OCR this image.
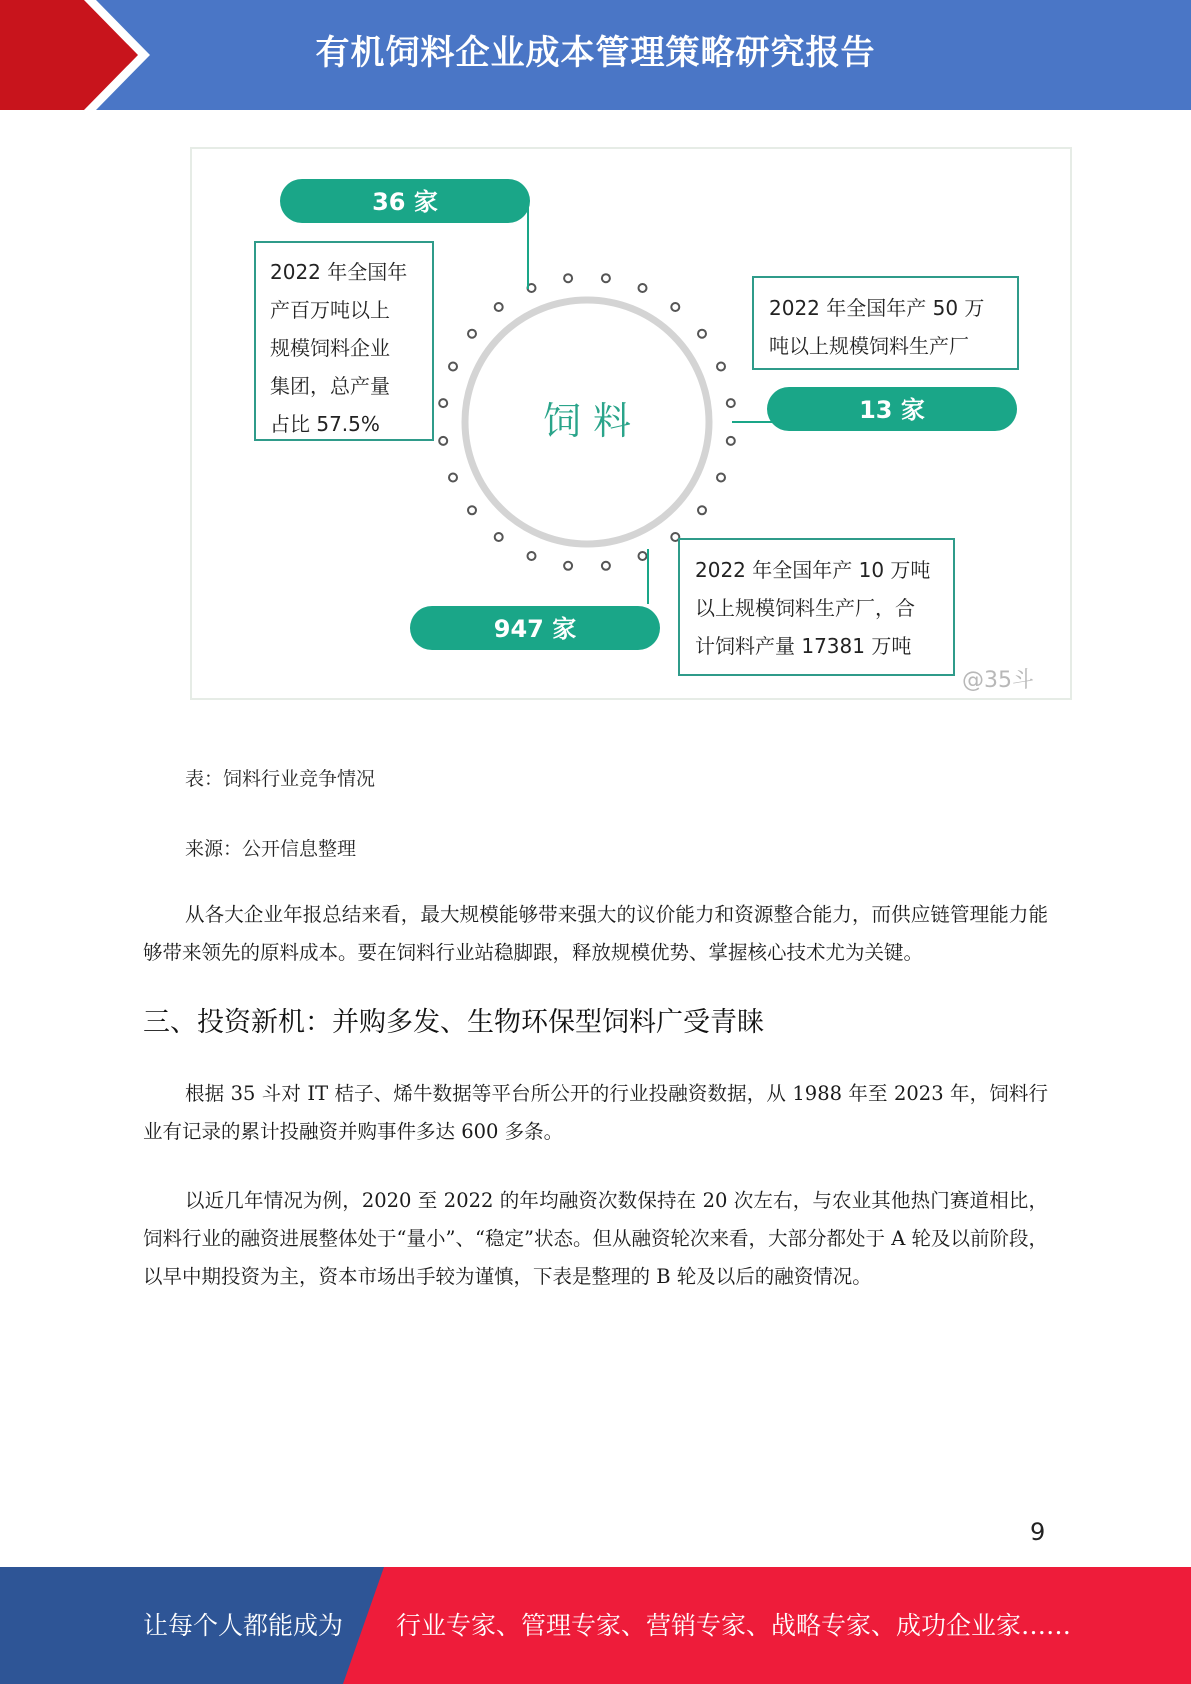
有机饲料企业成本管理策略研究报告
饲 料
36 家
13 家
947 家
2022 年全国年
产百万吨以上
规模饲料企业
集团，总产量
占比 57.5%
2022 年全国年产 50 万
吨以上规模饲料生产厂
2022 年全国年产 10 万吨
以上规模饲料生产厂，合
计饲料产量 17381 万吨
@35斗
表：饲料行业竞争情况
来源：公开信息整理
从各大企业年报总结来看，最大规模能够带来强大的议价能力和资源整合能力，而供应链管理能力能够带来领先的原料成本。要在饲料行业站稳脚跟，释放规模优势、掌握核心技术尤为关键。
三、投资新机：并购多发、生物环保型饲料广受青睐
根据 35 斗对 IT 桔子、烯牛数据等平台所公开的行业投融资数据，从 1988 年至 2023 年，饲料行业有记录的累计投融资并购事件多达 600 多条。
以近几年情况为例，2020 至 2022 的年均融资次数保持在 20 次左右，与农业其他热门赛道相比，饲料行业的融资进展整体处于“量小”、“稳定”状态。但从融资轮次来看，大部分都处于 A 轮及以前阶段，以早中期投资为主，资本市场出手较为谨慎，下表是整理的 B 轮及以后的融资情况。
9
让每个人都能成为 行业专家、管理专家、营销专家、战略专家、成功企业家……
